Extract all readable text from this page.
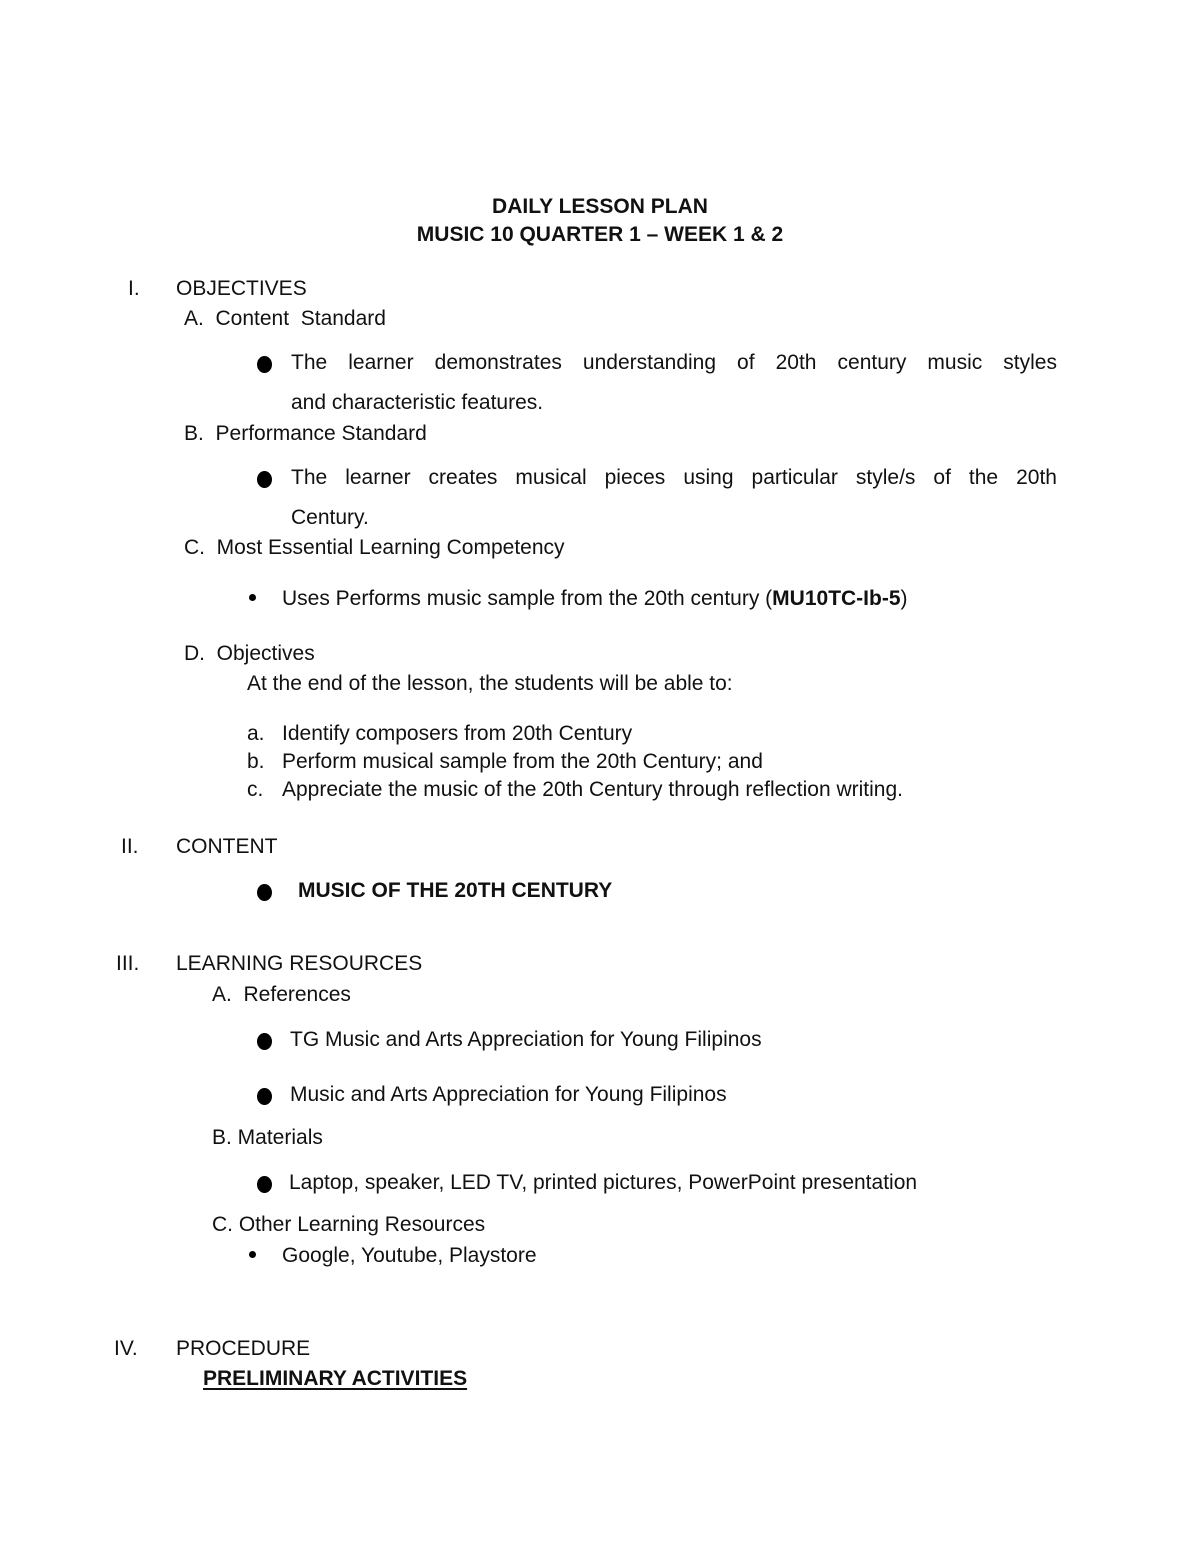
DAILY LESSON PLAN
MUSIC 10 QUARTER 1 – WEEK 1 & 2
I. OBJECTIVES
A.  Content  Standard
The learner demonstrates understanding of 20th century music styles
and characteristic features.
B.  Performance Standard
The learner creates musical pieces using particular style/s of the 20th
Century.
C.  Most Essential Learning Competency
Uses Performs music sample from the 20th century (MU10TC-Ib-5)
D.  Objectives
At the end of the lesson, the students will be able to:
a. Identify composers from 20th Century
b. Perform musical sample from the 20th Century; and
c. Appreciate the music of the 20th Century through reflection writing.
II. CONTENT
MUSIC OF THE 20TH CENTURY
III. LEARNING RESOURCES
A.  References
TG Music and Arts Appreciation for Young Filipinos
Music and Arts Appreciation for Young Filipinos
B. Materials
Laptop, speaker, LED TV, printed pictures, PowerPoint presentation
C. Other Learning Resources
Google, Youtube, Playstore
IV. PROCEDURE
PRELIMINARY ACTIVITIES
